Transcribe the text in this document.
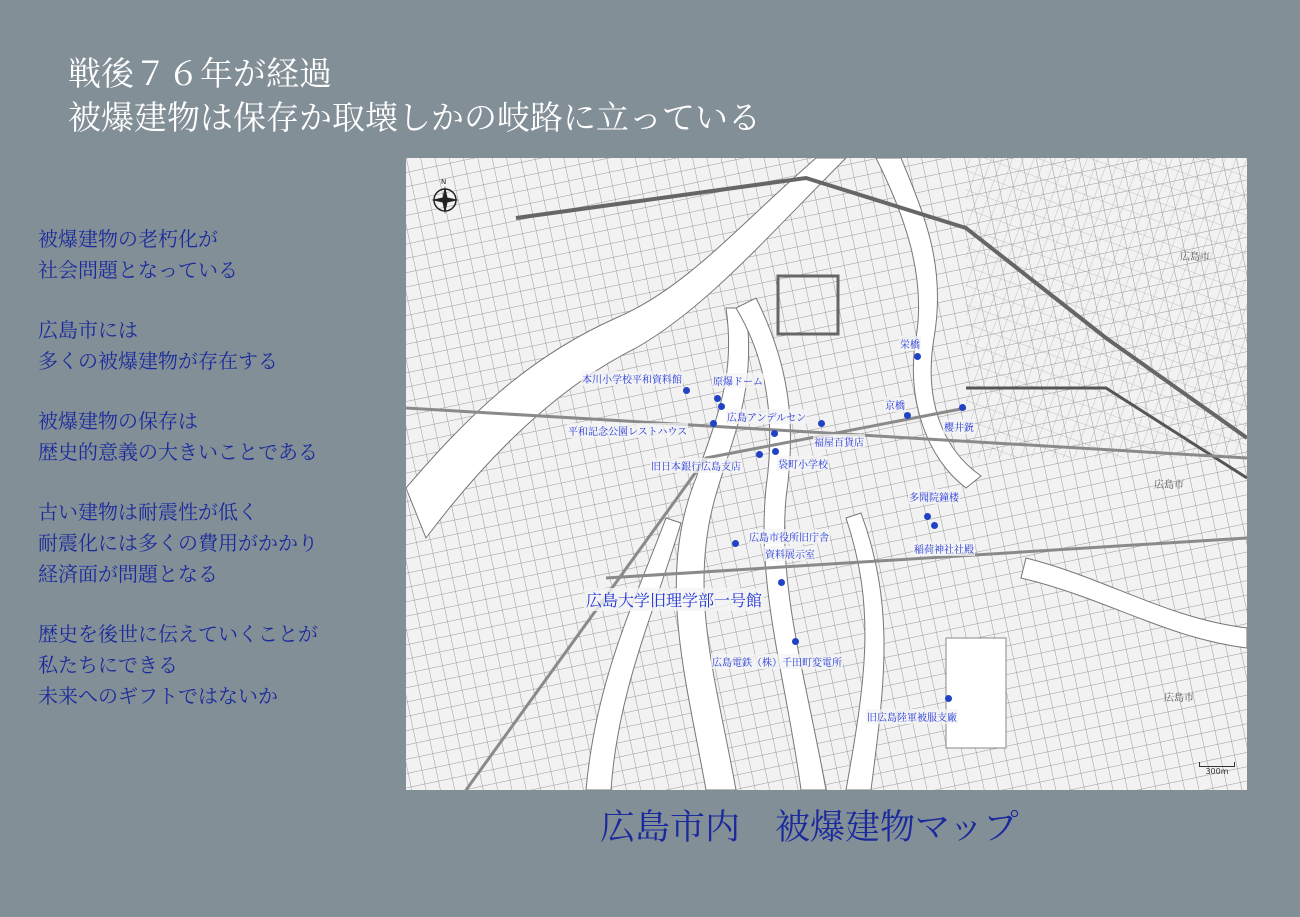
戦後７６年が経過
被爆建物は保存か取壊しかの岐路に立っている
被爆建物の老朽化が
社会問題となっている
広島市には
多くの被爆建物が存在する
被爆建物の保存は
歴史的意義の大きいことである
古い建物は耐震性が低く
耐震化には多くの費用がかかり
経済面が問題となる
歴史を後世に伝えていくことが
私たちにできる
未来へのギフトではないか
N
広島市
広島市
広島市
栄橋
本川小学校平和資料館	原爆ドーム
広島アンデルセン
京橋
櫻井銃
平和記念公園レストハウス
福屋百貨店
旧日本銀行広島支店	袋町小学校
多聞院鐘楼
広島市役所旧庁舎
資料展示室	稲荷神社社殿
広島大学旧理学部一号館
広島電鉄（株）千田町変電所
旧広島陸軍被服支廠
300m
広島市内　被爆建物マップ
